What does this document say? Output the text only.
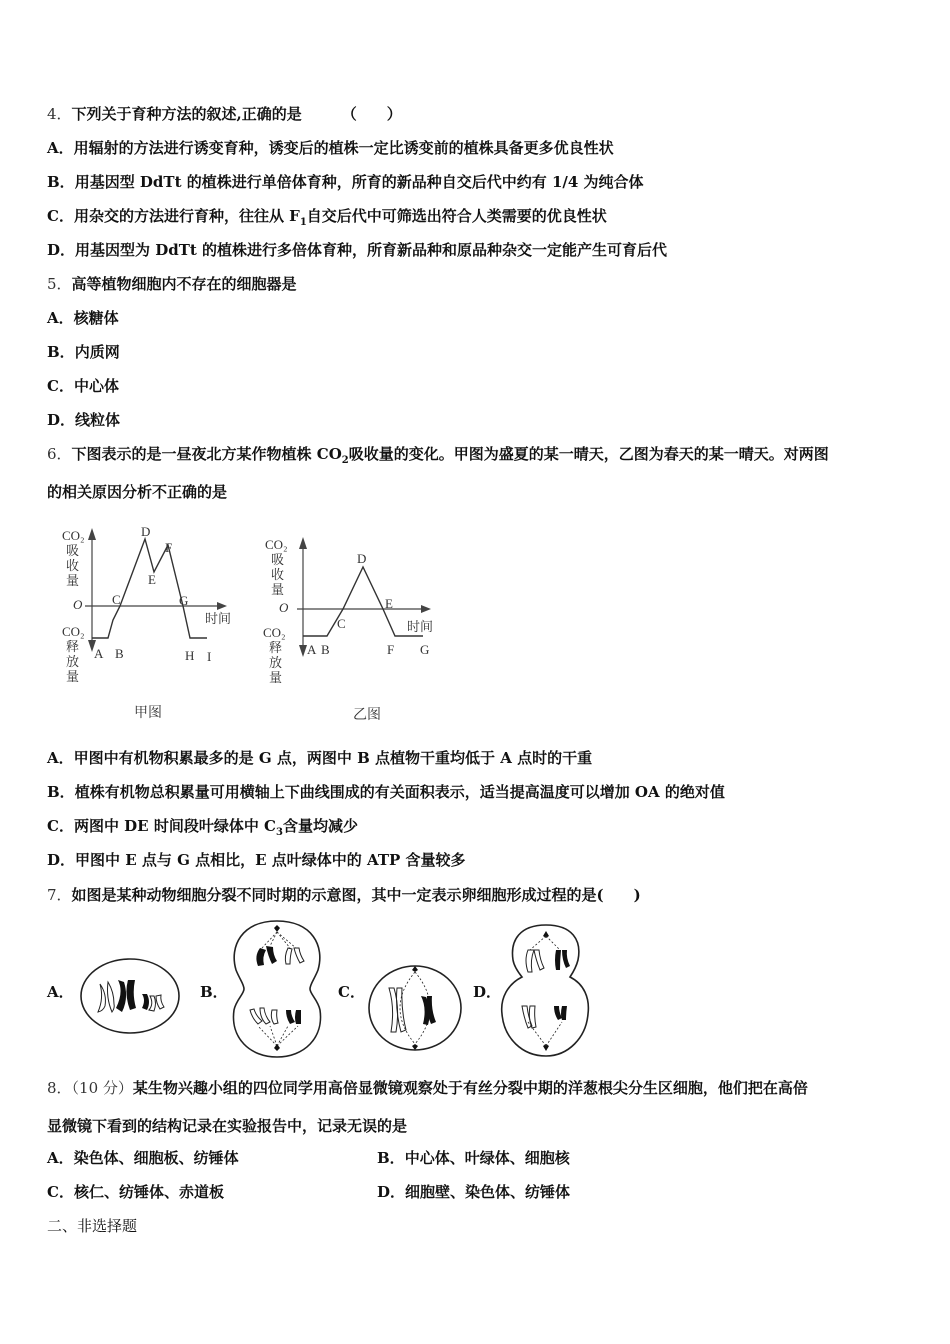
4．下列关于育种方法的叙述,正确的是	（　　）
A．用辐射的方法进行诱变育种，诱变后的植株一定比诱变前的植株具备更多优良性状
B．用基因型 DdTt 的植株进行单倍体育种，所育的新品种自交后代中约有 1/4 为纯合体
C．用杂交的方法进行育种，往往从 $F_1$自交后代中可筛选出符合人类需要的优良性状
D．用基因型为 DdTt 的植株进行多倍体育种，所育新品种和原品种杂交一定能产生可育后代
5．高等植物细胞内不存在的细胞器是
A．核糖体
B．内质网
C．中心体
D．线粒体
6．下图表示的是一昼夜北方某作物植株 $CO_2$吸收量的变化。甲图为盛夏的某一晴天，乙图为春天的某一晴天。对两图
的相关原因分析不正确的是
CO₂
吸
收
量
CO₂
释
放
量
O
时间
A B
C
D
E
F
G
H I
甲图
CO₂
吸
收
量
CO₂
释
放
量
O
时间
A B
C
D
E
F G
乙图
A．甲图中有机物积累最多的是 G 点，两图中 B 点植物干重均低于 A 点时的干重
B．植株有机物总积累量可用横轴上下曲线围成的有关面积表示，适当提高温度可以增加 OA 的绝对值
C．两图中 DE 时间段叶绿体中 $C_3$含量均减少
D．甲图中 E 点与 G 点相比，E 点叶绿体中的 ATP 含量较多
7．如图是某种动物细胞分裂不同时期的示意图，其中一定表示卵细胞形成过程的是(　　)
A．	B．	C．	D．
8．（10 分）某生物兴趣小组的四位同学用高倍显微镜观察处于有丝分裂中期的洋葱根尖分生区细胞，他们把在高倍
显微镜下看到的结构记录在实验报告中，记录无误的是
A．染色体、细胞板、纺锤体	B．中心体、叶绿体、细胞核
C．核仁、纺锤体、赤道板	D．细胞壁、染色体、纺锤体
二、非选择题
